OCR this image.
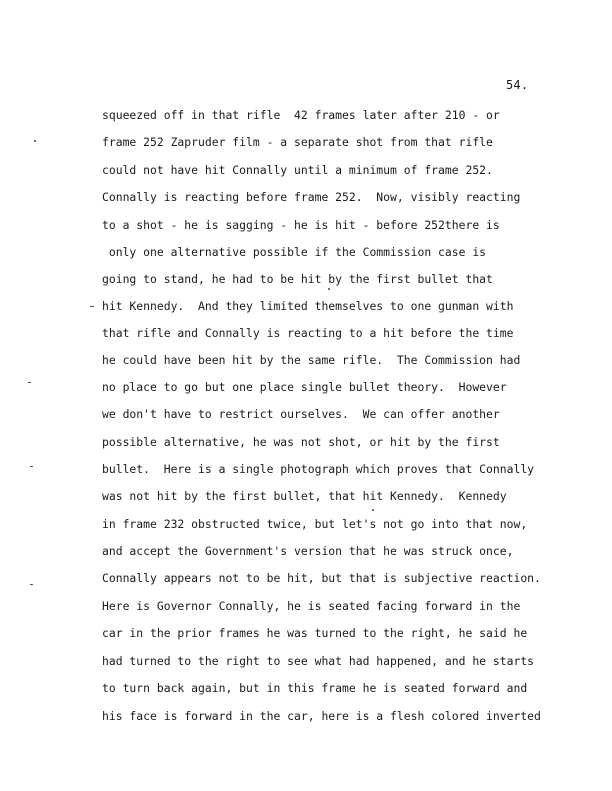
54.
squeezed off in that rifle  42 frames later after 210 - or
frame 252 Zapruder film - a separate shot from that rifle
could not have hit Connally until a minimum of frame 252.
Connally is reacting before frame 252.  Now, visibly reacting
to a shot - he is sagging - he is hit - before 252there is
only one alternative possible if the Commission case is
going to stand, he had to be hit by the first bullet that
hit Kennedy.  And they limited themselves to one gunman with
that rifle and Connally is reacting to a hit before the time
he could have been hit by the same rifle.  The Commission had
no place to go but one place single bullet theory.  However
we don't have to restrict ourselves.  We can offer another
possible alternative, he was not shot, or hit by the first
bullet.  Here is a single photograph which proves that Connally
was not hit by the first bullet, that hit Kennedy.  Kennedy
in frame 232 obstructed twice, but let's not go into that now,
and accept the Government's version that he was struck once,
Connally appears not to be hit, but that is subjective reaction.
Here is Governor Connally, he is seated facing forward in the
car in the prior frames he was turned to the right, he said he
had turned to the right to see what had happened, and he starts
to turn back again, but in this frame he is seated forward and
his face is forward in the car, here is a flesh colored inverted
